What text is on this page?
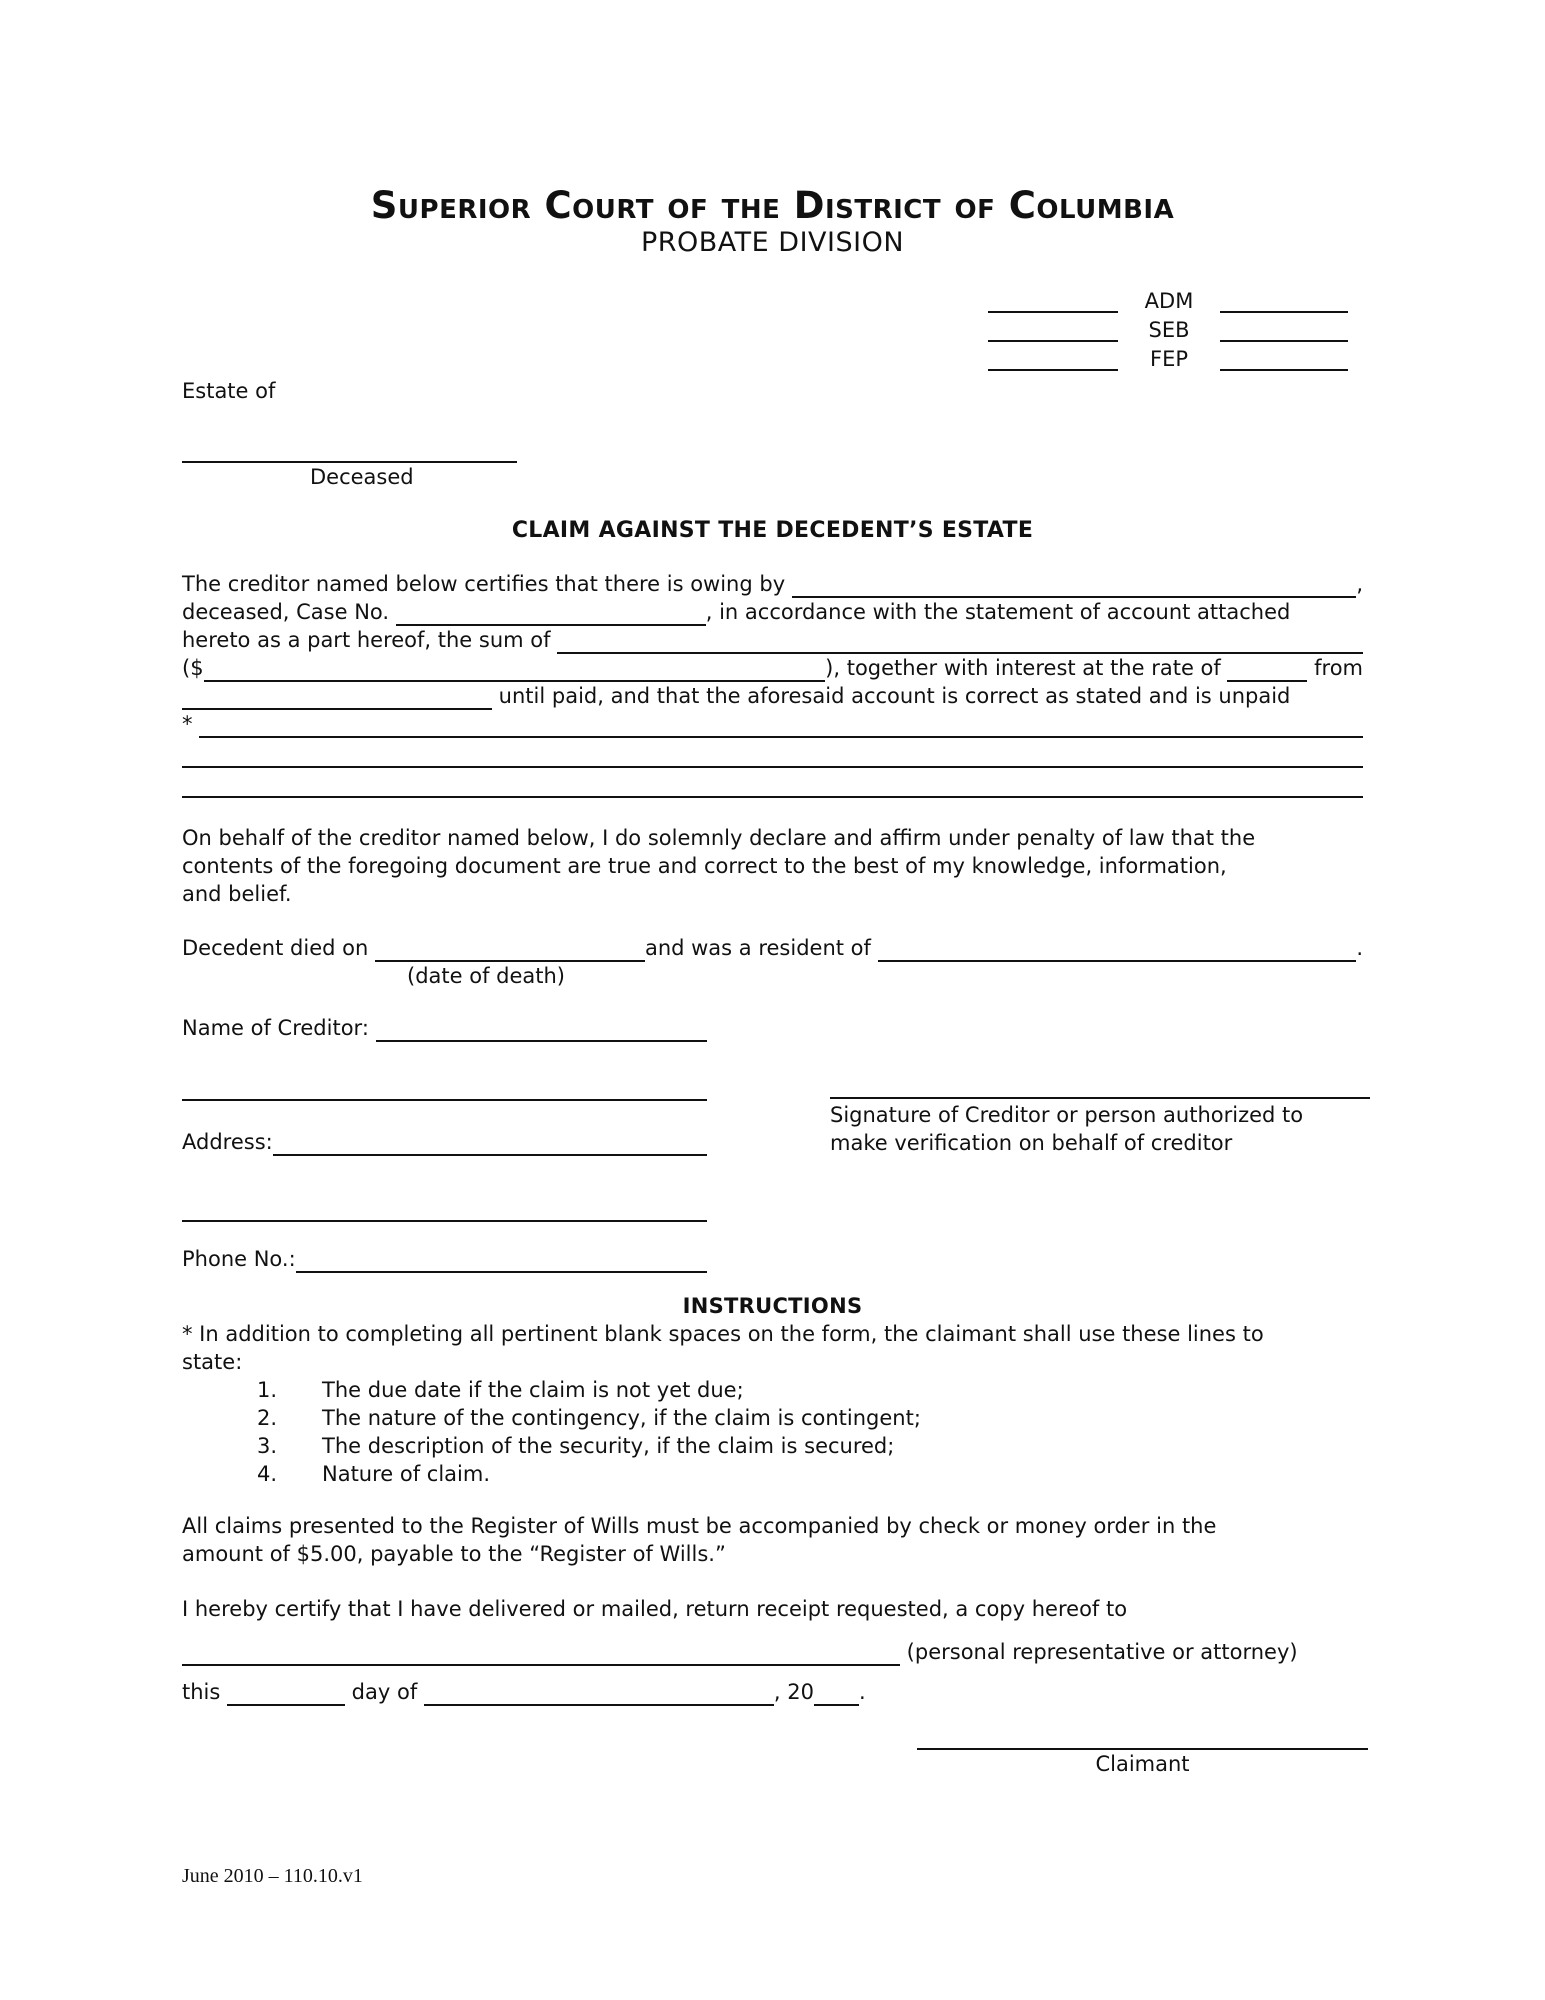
Superior Court of the District of Columbia
PROBATE DIVISION
ADM
SEB
FEP
Estate of
Deceased
CLAIM AGAINST THE DECEDENT’S ESTATE
The creditor named below certifies that there is owing by	,
deceased, Case No.	, in accordance with the statement of account attached
hereto as a part hereof, the sum of
($	), together with interest at the rate of	from
until paid, and that the aforesaid account is correct as stated and is unpaid
*
On behalf of the creditor named below, I do solemnly declare and affirm under penalty of law that the
contents of the foregoing document are true and correct to the best of my knowledge, information,
and belief.
Decedent died on	and was a resident of	.
(date of death)
Name of Creditor:
Address:
Phone No.:
Signature of Creditor or person authorized to
make verification on behalf of creditor
INSTRUCTIONS
* In addition to completing all pertinent blank spaces on the form, the claimant shall use these lines to
state:
1.	The due date if the claim is not yet due;
2.	The nature of the contingency, if the claim is contingent;
3.	The description of the security, if the claim is secured;
4.	Nature of claim.
All claims presented to the Register of Wills must be accompanied by check or money order in the
amount of $5.00, payable to the “Register of Wills.”
I hereby certify that I have delivered or mailed, return receipt requested, a copy hereof to
(personal representative or attorney)
this	day of	, 20 .
Claimant
June 2010 – 110.10.v1
